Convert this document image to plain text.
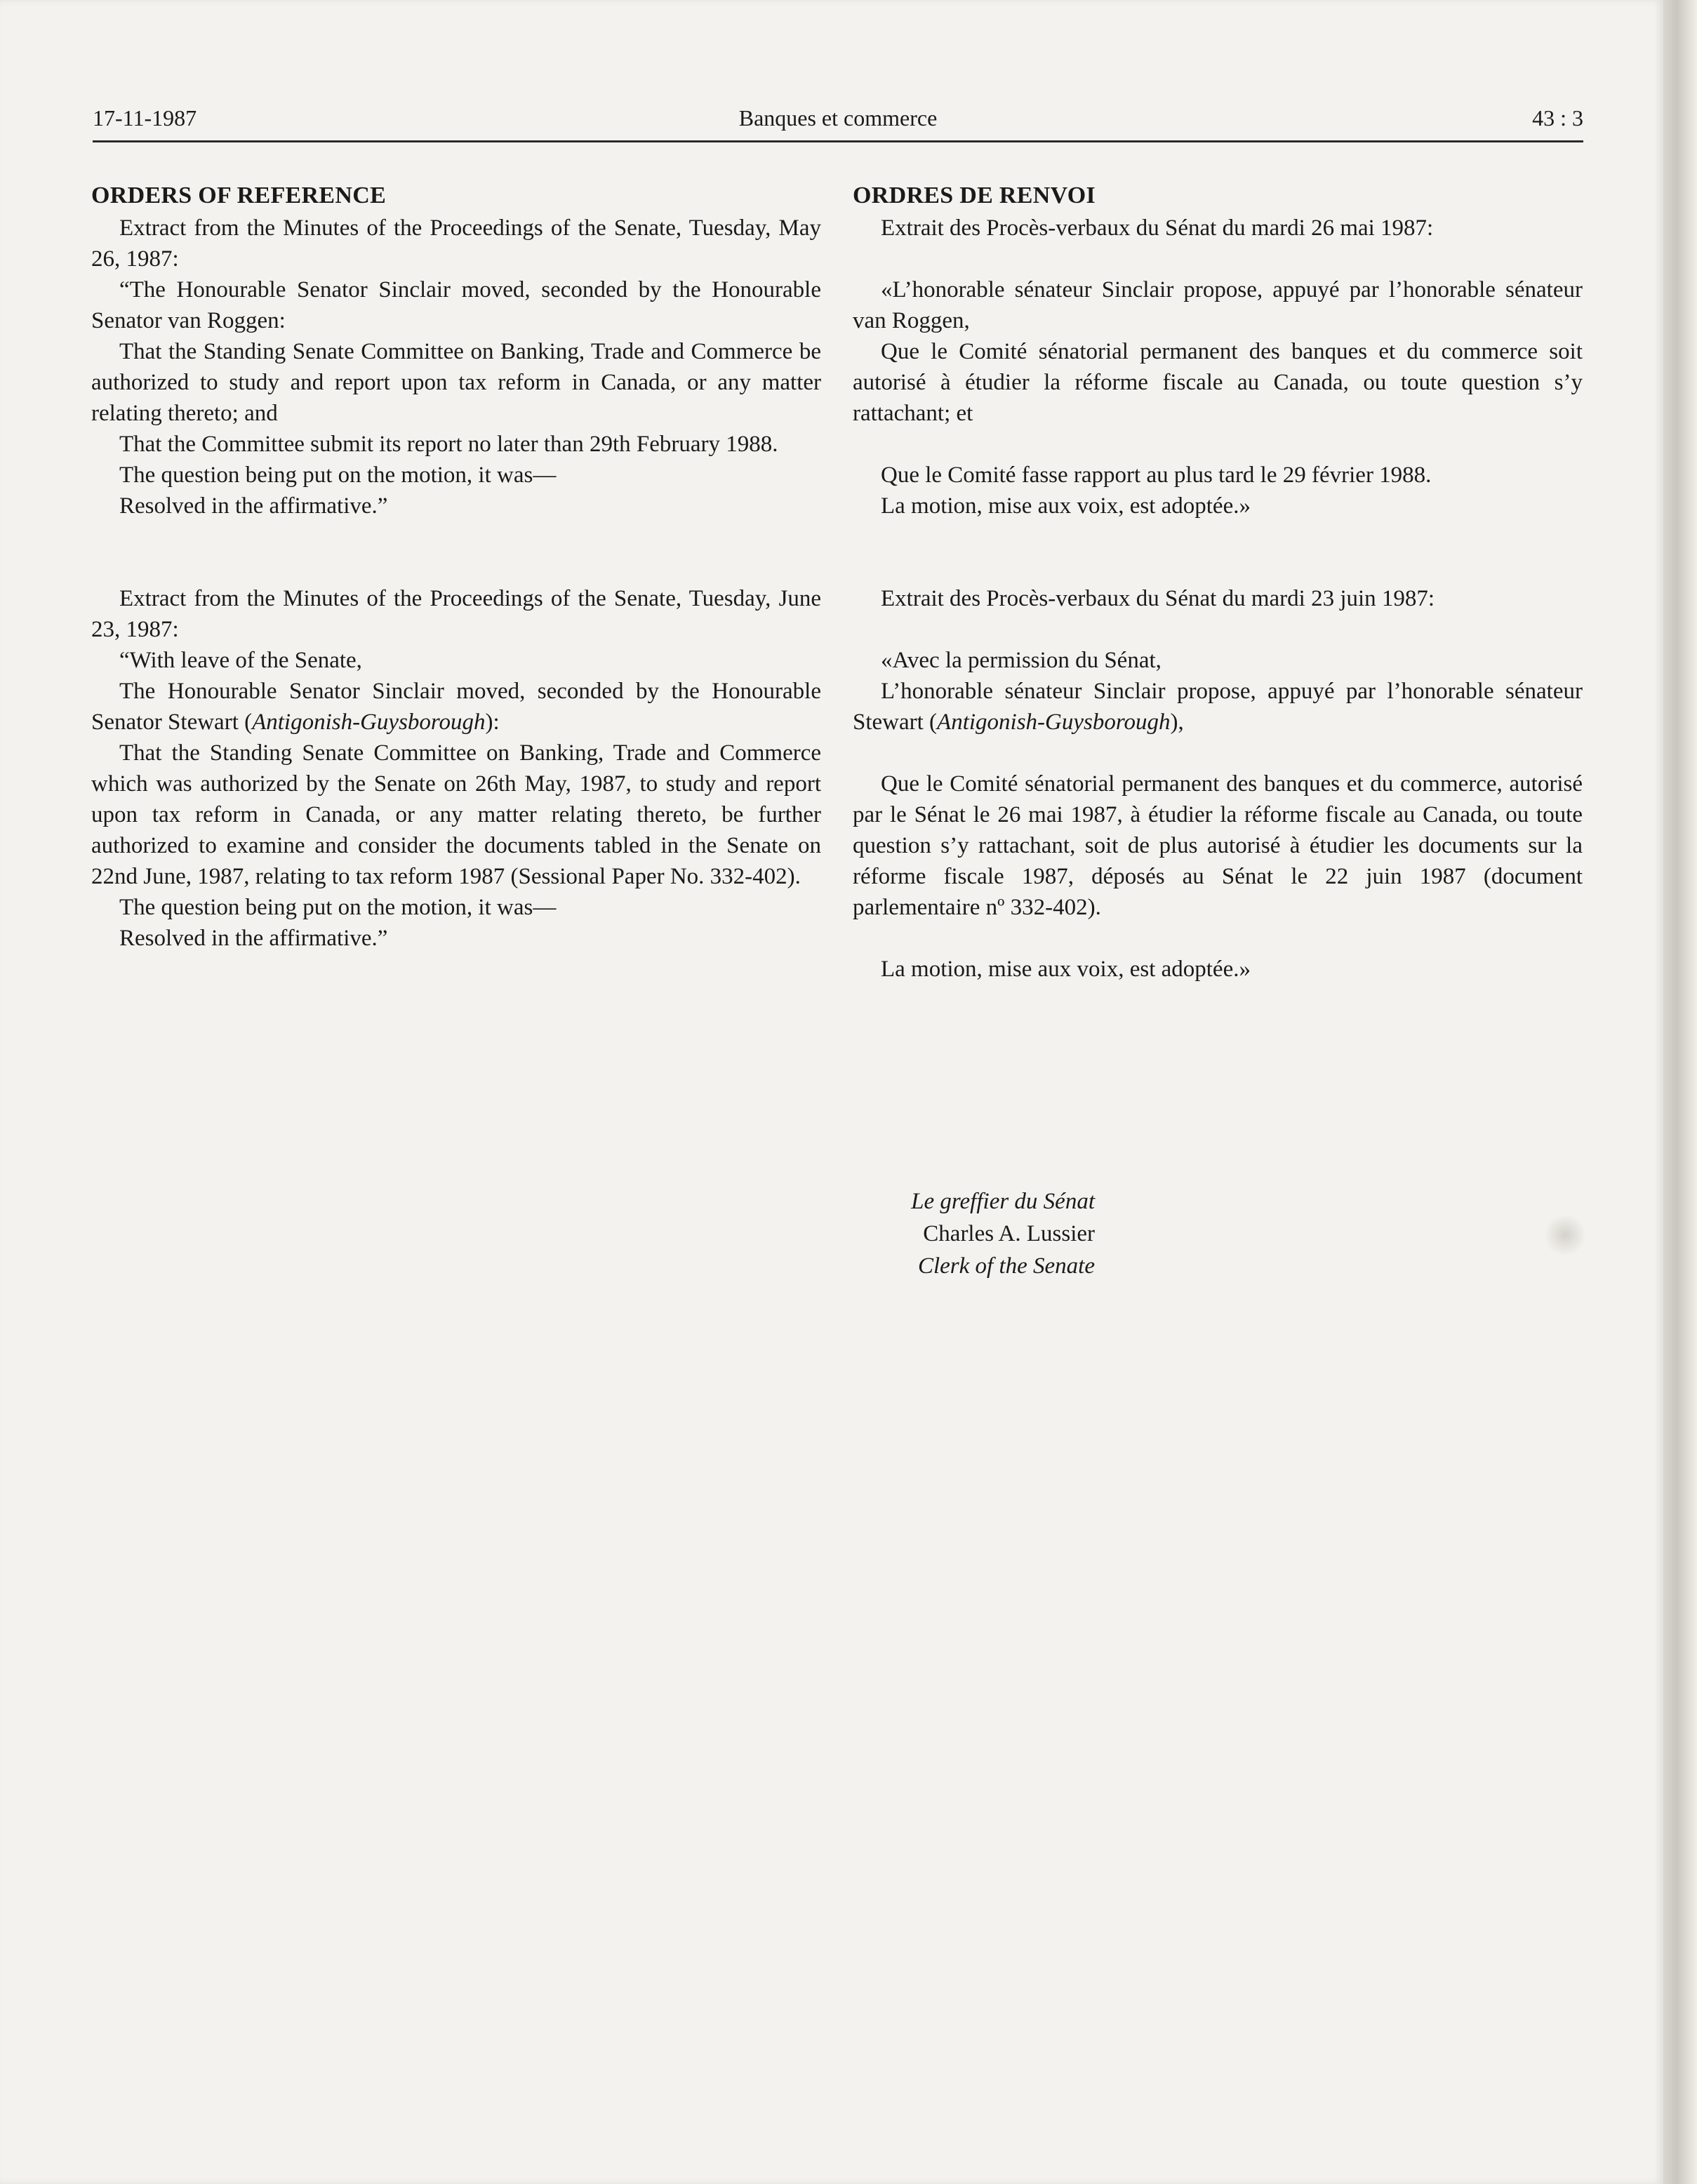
17-11-1987	Banques et commerce	43 : 3

ORDERS OF REFERENCE

Extract from the Minutes of the Proceedings of the Senate, Tuesday, May 26, 1987:

“The Honourable Senator Sinclair moved, seconded by the Honourable Senator van Roggen:

That the Standing Senate Committee on Banking, Trade and Commerce be authorized to study and report upon tax reform in Canada, or any matter relating thereto; and

That the Committee submit its report no later than 29th February 1988.

The question being put on the motion, it was—

Resolved in the affirmative.”

Extract from the Minutes of the Proceedings of the Senate, Tuesday, June 23, 1987:

“With leave of the Senate,

The Honourable Senator Sinclair moved, seconded by the Honourable Senator Stewart (Antigonish-Guysborough):

That the Standing Senate Committee on Banking, Trade and Commerce which was authorized by the Senate on 26th May, 1987, to study and report upon tax reform in Canada, or any matter relating thereto, be further authorized to examine and consider the documents tabled in the Senate on 22nd June, 1987, relating to tax reform 1987 (Sessional Paper No. 332-402).

The question being put on the motion, it was—

Resolved in the affirmative.”

ORDRES DE RENVOI

Extrait des Procès-verbaux du Sénat du mardi 26 mai 1987:

«L’honorable sénateur Sinclair propose, appuyé par l’honorable sénateur van Roggen,

Que le Comité sénatorial permanent des banques et du commerce soit autorisé à étudier la réforme fiscale au Canada, ou toute question s’y rattachant; et

Que le Comité fasse rapport au plus tard le 29 février 1988.

La motion, mise aux voix, est adoptée.»

Extrait des Procès-verbaux du Sénat du mardi 23 juin 1987:

«Avec la permission du Sénat,

L’honorable sénateur Sinclair propose, appuyé par l’honorable sénateur Stewart (Antigonish-Guysborough),

Que le Comité sénatorial permanent des banques et du commerce, autorisé par le Sénat le 26 mai 1987, à étudier la réforme fiscale au Canada, ou toute question s’y rattachant, soit de plus autorisé à étudier les documents sur la réforme fiscale 1987, déposés au Sénat le 22 juin 1987 (document parlementaire nº 332-402).

La motion, mise aux voix, est adoptée.»

Le greffier du Sénat
Charles A. Lussier
Clerk of the Senate
